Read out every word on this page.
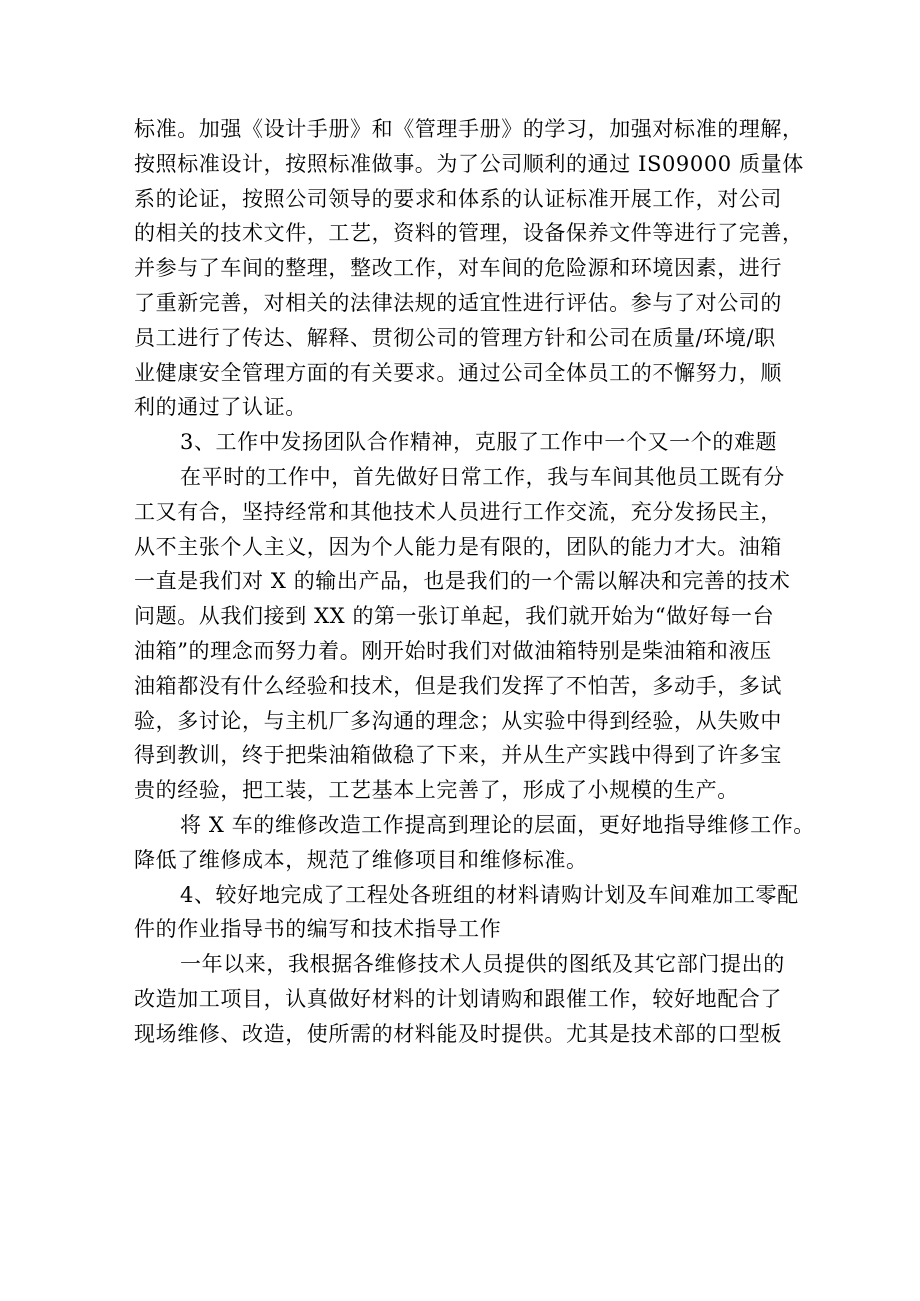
标准。加强《设计手册》和《管理手册》的学习，加强对标准的理解，
按照标准设计，按照标准做事。为了公司顺利的通过 IS09000 质量体
系的论证，按照公司领导的要求和体系的认证标准开展工作，对公司
的相关的技术文件，工艺，资料的管理，设备保养文件等进行了完善，
并参与了车间的整理，整改工作，对车间的危险源和环境因素，进行
了重新完善，对相关的法律法规的适宜性进行评估。参与了对公司的
员工进行了传达、解释、贯彻公司的管理方针和公司在质量/环境/职
业健康安全管理方面的有关要求。通过公司全体员工的不懈努力，顺
利的通过了认证。
3、工作中发扬团队合作精神，克服了工作中一个又一个的难题
在平时的工作中，首先做好日常工作，我与车间其他员工既有分
工又有合，坚持经常和其他技术人员进行工作交流，充分发扬民主，
从不主张个人主义，因为个人能力是有限的，团队的能力才大。油箱
一直是我们对 X 的输出产品，也是我们的一个需以解决和完善的技术
问题。从我们接到 XX 的第一张订单起，我们就开始为“做好每一台
油箱”的理念而努力着。刚开始时我们对做油箱特别是柴油箱和液压
油箱都没有什么经验和技术，但是我们发挥了不怕苦，多动手，多试
验，多讨论，与主机厂多沟通的理念；从实验中得到经验，从失败中
得到教训，终于把柴油箱做稳了下来，并从生产实践中得到了许多宝
贵的经验，把工装，工艺基本上完善了，形成了小规模的生产。
将 X 车的维修改造工作提高到理论的层面，更好地指导维修工作。
降低了维修成本，规范了维修项目和维修标准。
4、较好地完成了工程处各班组的材料请购计划及车间难加工零配
件的作业指导书的编写和技术指导工作
一年以来，我根据各维修技术人员提供的图纸及其它部门提出的
改造加工项目，认真做好材料的计划请购和跟催工作，较好地配合了
现场维修、改造，使所需的材料能及时提供。尤其是技术部的口型板
